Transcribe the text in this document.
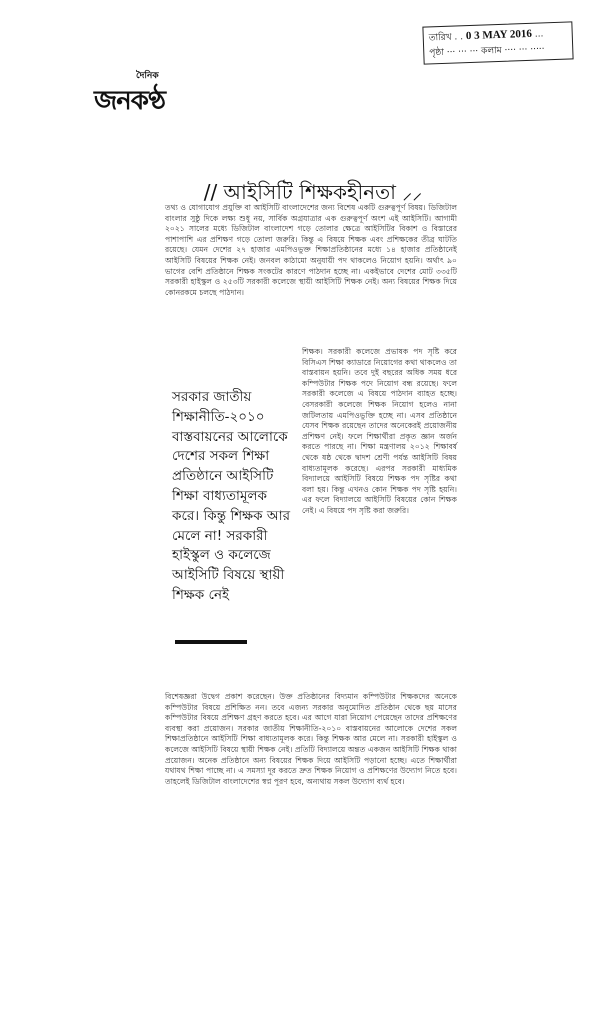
তারিখ . . 0 3 MAY 2016 ...
পৃষ্ঠা ··· ··· ··· কলাম ···· ··· ·····
দৈনিক
জনকণ্ঠ
// আইসিটি শিক্ষকহীনতা ⸝⸝

তথ্য ও যোগাযোগ প্রযুক্তি বা আইসিটি বাংলাদেশের জন্য বিশেষ একটি গুরুত্বপূর্ণ বিষয়। ডিজিটাল বাংলার সুষ্ঠু দিকে লক্ষ্য শুধু নয়, সার্বিক অগ্রযাত্রার এক গুরুত্বপূর্ণ অংশ এই আইসিটি। আগামী ২০২১ সালের মধ্যে ডিজিটাল বাংলাদেশ গড়ে তোলার ক্ষেত্রে আইসিটির বিকাশ ও বিস্তারের পাশাপাশি এর প্রশিক্ষণ গড়ে তোলা জরুরি। কিন্তু এ বিষয়ে শিক্ষক এবং প্রশিক্ষকের তীব্র ঘাটতি রয়েছে। যেমন দেশের ২৭ হাজার এমপিওভুক্ত শিক্ষাপ্রতিষ্ঠানের মধ্যে ১৪ হাজার প্রতিষ্ঠানেই আইসিটি বিষয়ের শিক্ষক নেই। জনবল কাঠামো অনুযায়ী পদ থাকলেও নিয়োগ হয়নি। অর্থাৎ ৯০ ভাগের বেশি প্রতিষ্ঠানে শিক্ষক সংকটের কারণে পাঠদান হচ্ছে না। একইভাবে দেশের মোট ৩৩৫টি সরকারী হাইস্কুল ও ২৫৩টি সরকারী কলেজে স্থায়ী আইসিটি শিক্ষক নেই। অন্য বিষয়ের শিক্ষক দিয়ে কোনরকমে চলছে পাঠদান।

শিক্ষক। সরকারী কলেজে প্রভাষক পদ সৃষ্টি করে বিসিএস শিক্ষা ক্যাডারে নিয়োগের কথা থাকলেও তা বাস্তবায়ন হয়নি। তবে দুই বছরের অধিক সময় ধরে কম্পিউটার শিক্ষক পদে নিয়োগ বন্ধ রয়েছে। ফলে সরকারী কলেজে এ বিষয়ে পাঠদান ব্যাহত হচ্ছে। বেসরকারী কলেজে শিক্ষক নিয়োগ হলেও নানা জটিলতায় এমপিওভুক্তি হচ্ছে না। এসব প্রতিষ্ঠানে যেসব শিক্ষক রয়েছেন তাদের অনেকেরই প্রয়োজনীয় প্রশিক্ষণ নেই। ফলে শিক্ষার্থীরা প্রকৃত জ্ঞান অর্জন করতে পারছে না। শিক্ষা মন্ত্রণালয় ২০১২ শিক্ষাবর্ষ থেকে ষষ্ঠ থেকে দ্বাদশ শ্রেণী পর্যন্ত আইসিটি বিষয় বাধ্যতামূলক করেছে। এরপর সরকারী মাধ্যমিক বিদ্যালয়ে আইসিটি বিষয়ে শিক্ষক পদ সৃষ্টির কথা বলা হয়। কিন্তু এখনও কোন শিক্ষক পদ সৃষ্টি হয়নি। এর ফলে বিদ্যালয়ে আইসিটি বিষয়ের কোন শিক্ষক নেই। এ বিষয়ে পদ সৃষ্টি করা জরুরি।

সরকার জাতীয় শিক্ষানীতি-২০১০ বাস্তবায়নের আলোকে দেশের সকল শিক্ষা প্রতিষ্ঠানে আইসিটি শিক্ষা বাধ্যতামূলক করে। কিন্তু শিক্ষক আর মেলে না! সরকারী হাইস্কুল ও কলেজে আইসিটি বিষয়ে স্থায়ী শিক্ষক নেই

বিশেষজ্ঞরা উদ্বেগ প্রকাশ করেছেন। উক্ত প্রতিষ্ঠানের বিদ্যমান কম্পিউটার শিক্ষকদের অনেকে কম্পিউটার বিষয়ে প্রশিক্ষিত নন। তবে এজন্য সরকার অনুমোদিত প্রতিষ্ঠান থেকে ছয় মাসের কম্পিউটার বিষয়ে প্রশিক্ষণ গ্রহণ করতে হবে। এর আগে যারা নিয়োগ পেয়েছেন তাদের প্রশিক্ষণের ব্যবস্থা করা প্রয়োজন। সরকার জাতীয় শিক্ষানীতি-২০১০ বাস্তবায়নের আলোকে দেশের সকল শিক্ষাপ্রতিষ্ঠানে আইসিটি শিক্ষা বাধ্যতামূলক করে। কিন্তু শিক্ষক আর মেলে না। সরকারী হাইস্কুল ও কলেজে আইসিটি বিষয়ে স্থায়ী শিক্ষক নেই। প্রতিটি বিদ্যালয়ে অন্তত একজন আইসিটি শিক্ষক থাকা প্রয়োজন। অনেক প্রতিষ্ঠানে অন্য বিষয়ের শিক্ষক দিয়ে আইসিটি পড়ানো হচ্ছে। এতে শিক্ষার্থীরা যথাযথ শিক্ষা পাচ্ছে না। এ সমস্যা দূর করতে দ্রুত শিক্ষক নিয়োগ ও প্রশিক্ষণের উদ্যোগ নিতে হবে। তাহলেই ডিজিটাল বাংলাদেশের স্বপ্ন পূরণ হবে, অন্যথায় সকল উদ্যোগ ব্যর্থ হবে।
